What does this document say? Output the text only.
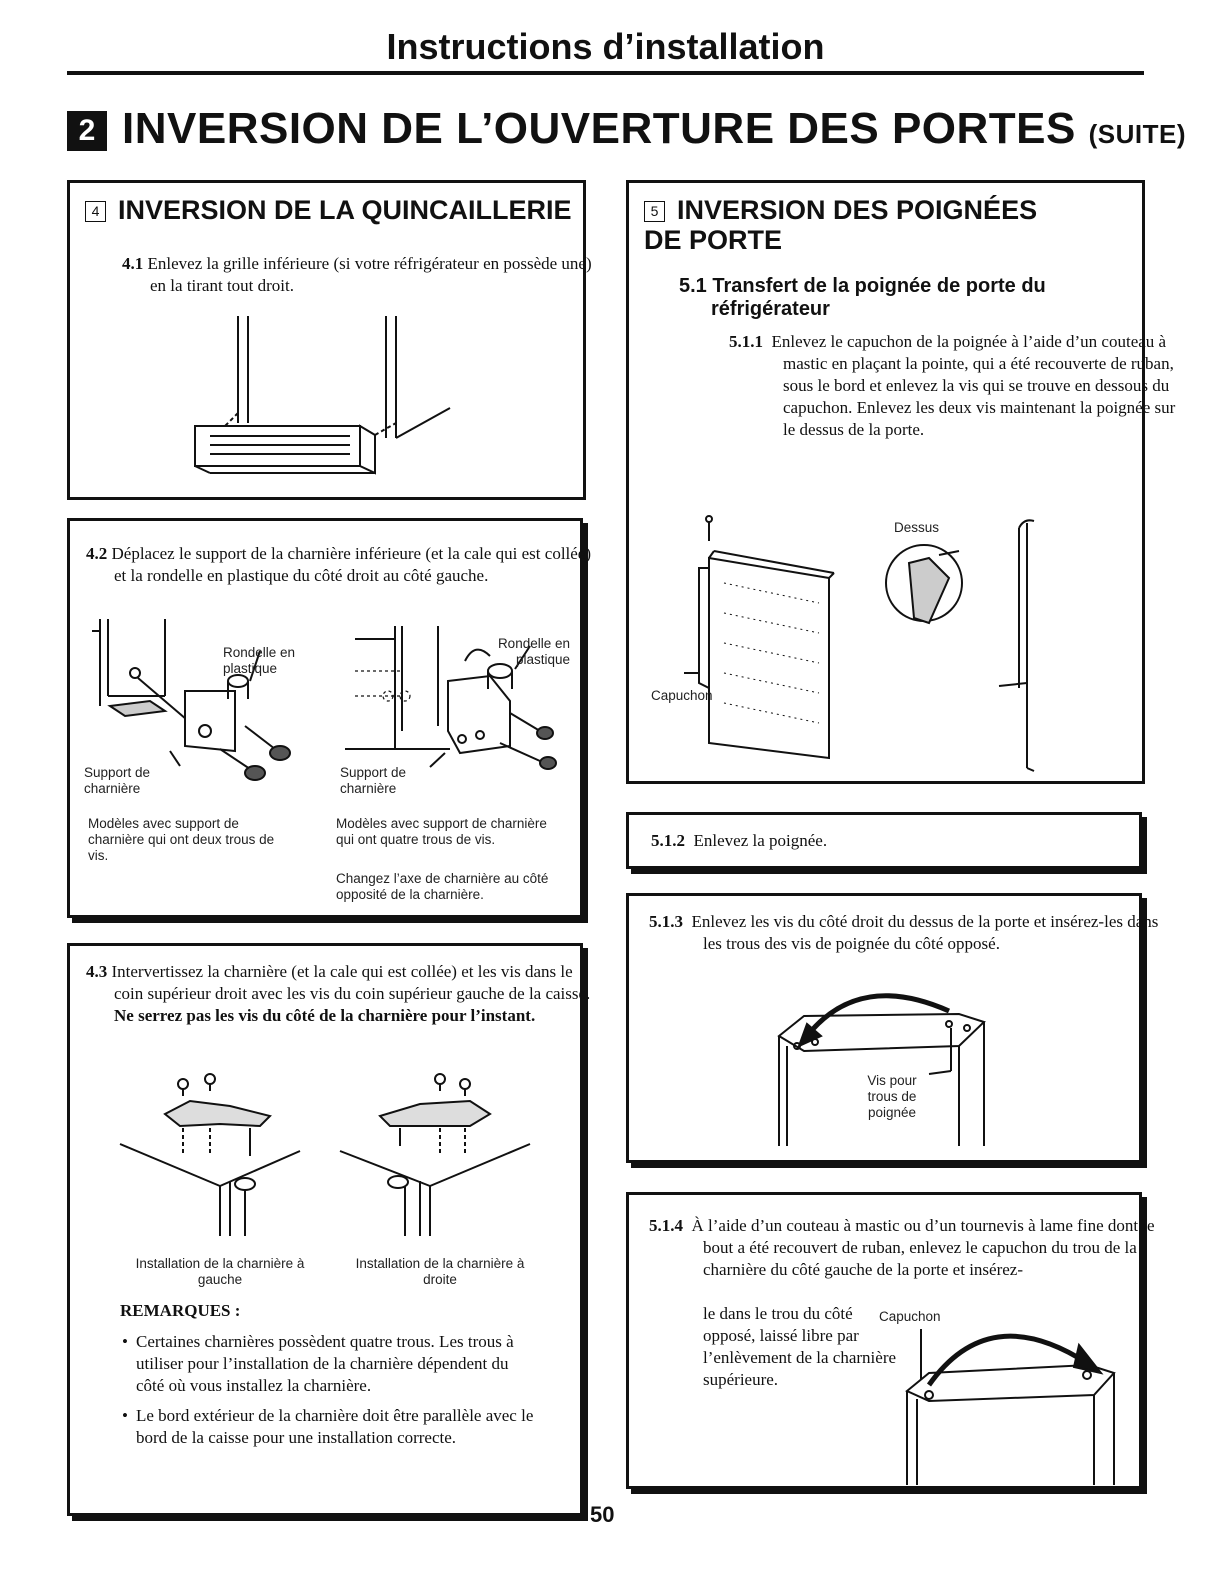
Instructions d’installation
2 INVERSION DE L’OUVERTURE DES PORTES (SUITE)
4 INVERSION DE LA QUINCAILLERIE
4.1 Enlevez la grille inférieure (si votre réfrigérateur en possède une) en la tirant tout droit.
4.2 Déplacez le support de la charnière inférieure (et la cale qui est collée) et la rondelle en plastique du côté droit au côté gauche.
Rondelle en plastique
Support de charnière
Rondelle en plastique
Support de charnière
Modèles avec support de charnière qui ont deux trous de vis.
Modèles avec support de charnière qui ont quatre trous de vis.
Changez l’axe de charnière au côté opposité de la charnière.
4.3 Intervertissez la charnière (et la cale qui est collée) et les vis dans le coin supérieur droit avec les vis du coin supérieur gauche de la caisse. Ne serrez pas les vis du côté de la charnière pour l’instant.
Installation de la charnière à gauche
Installation de la charnière à droite
REMARQUES :
• Certaines charnières possèdent quatre trous. Les trous à utiliser pour l’installation de la charnière dépendent du côté où vous installez la charnière.
• Le bord extérieur de la charnière doit être parallèle avec le bord de la caisse pour une installation correcte.
5 INVERSION DES POIGNÉES
DE PORTE
5.1 Transfert de la poignée de porte du réfrigérateur
5.1.1 Enlevez le capuchon de la poignée à l’aide d’un couteau à mastic en plaçant la pointe, qui a été recouverte de ruban, sous le bord et enlevez la vis qui se trouve en dessous du capuchon. Enlevez les deux vis maintenant la poignée sur le dessus de la porte.
Dessus
Capuchon
5.1.2 Enlevez la poignée.
5.1.3 Enlevez les vis du côté droit du dessus de la porte et insérez-les dans les trous des vis de poignée du côté opposé.
Vis pour trous de poignée
5.1.4 À l’aide d’un couteau à mastic ou d’un tournevis à lame fine dont le bout a été recouvert de ruban, enlevez le capuchon du trou de la charnière du côté gauche de la porte et insérez-
le dans le trou du côté opposé, laissé libre par l’enlèvement de la charnière supérieure.
Capuchon
50
